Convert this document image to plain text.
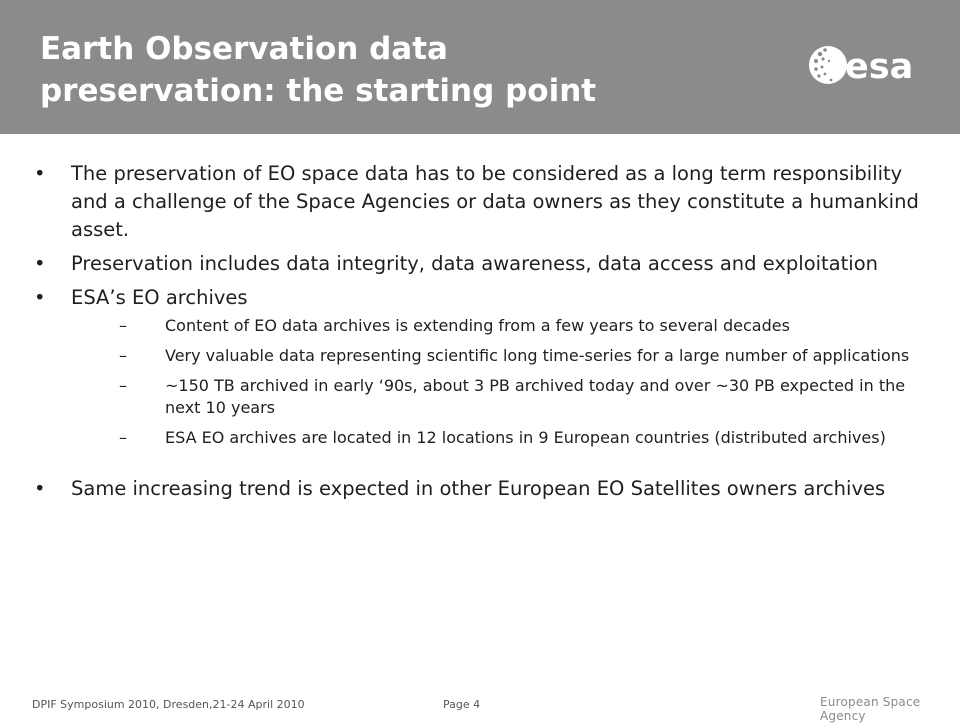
Earth Observation data
preservation: the starting point
esa
• The preservation of EO space data has to be considered as a long term responsibility and a challenge of the Space Agencies or data owners as they constitute a humankind asset.
• Preservation includes data integrity, data awareness, data access and exploitation
• ESA’s EO archives
– Content of EO data archives is extending from a few years to several decades
– Very valuable data representing scientific long time-series for a large number of applications
– ~150 TB archived in early ‘90s, about 3 PB archived today and over ~30 PB expected in the next 10 years
– ESA EO archives are located in 12 locations in 9 European countries (distributed archives)
• Same increasing trend is expected in other European EO Satellites owners archives
DPIF Symposium 2010, Dresden,21-24 April 2010	Page 4	European Space Agency
